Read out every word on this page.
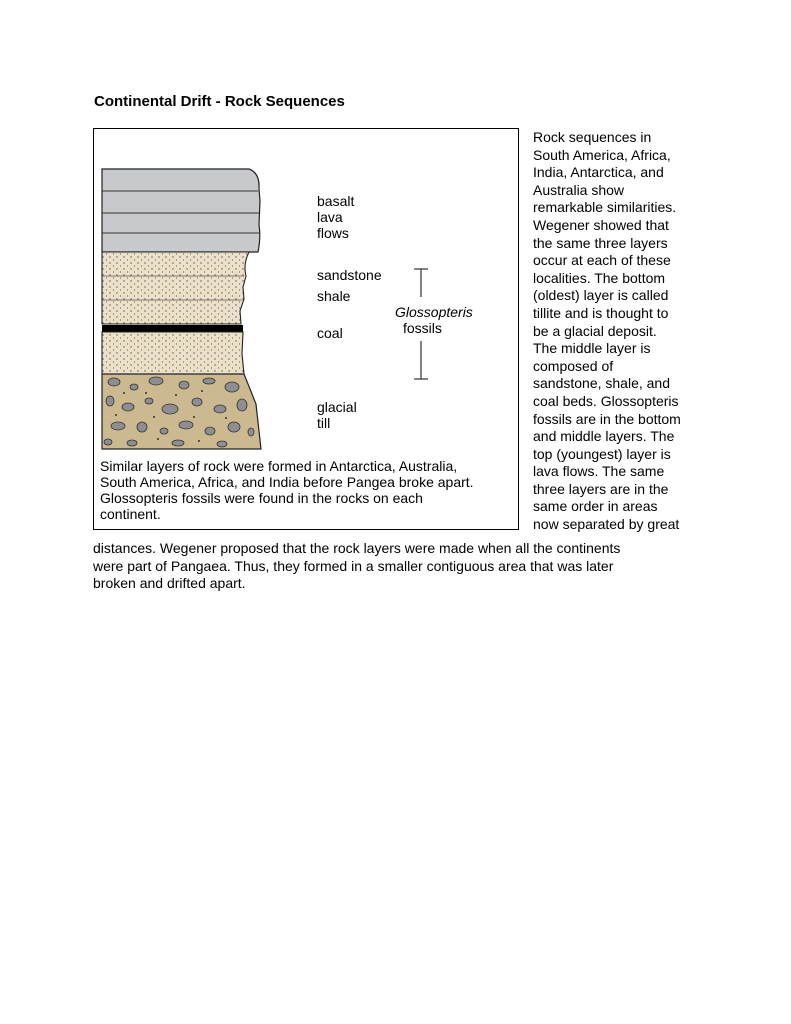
Continental Drift - Rock Sequences
basalt
lava
flows
sandstone
shale
coal
glacial
till
Glossopteris
fossils
Similar layers of rock were formed in Antarctica, Australia,
South America, Africa, and India before Pangea broke apart.
Glossopteris fossils were found in the rocks on each
continent.

Rock sequences in
South America, Africa,
India, Antarctica, and
Australia show
remarkable similarities.
Wegener showed that
the same three layers
occur at each of these
localities. The bottom
(oldest) layer is called
tillite and is thought to
be a glacial deposit.
The middle layer is
composed of
sandstone, shale, and
coal beds. Glossopteris
fossils are in the bottom
and middle layers. The
top (youngest) layer is
lava flows. The same
three layers are in the
same order in areas
now separated by great

distances. Wegener proposed that the rock layers were made when all the continents
were part of Pangaea. Thus, they formed in a smaller contiguous area that was later
broken and drifted apart.
